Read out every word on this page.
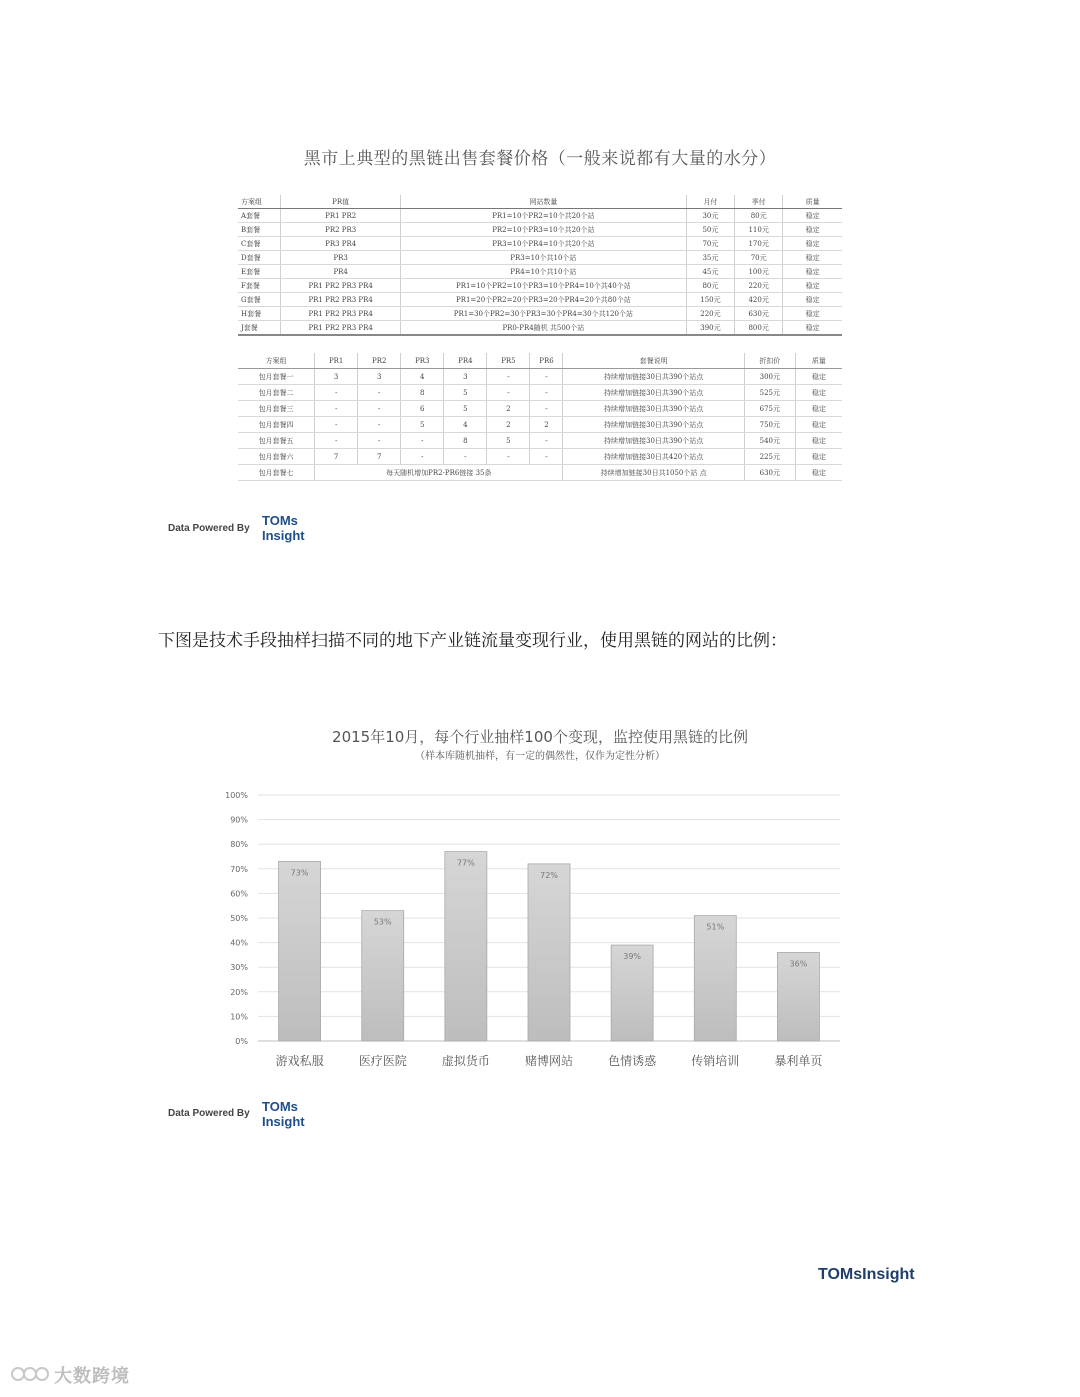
黑市上典型的黑链出售套餐价格（一般来说都有大量的水分）
方案组	PR值	网站数量	月付	季付	质量
A套餐	PR1 PR2	PR1=10个PR2=10个共20个站	30元	80元	稳定
B套餐	PR2 PR3	PR2=10个PR3=10个共20个站	50元	110元	稳定
C套餐	PR3 PR4	PR3=10个PR4=10个共20个站	70元	170元	稳定
D套餐	PR3	PR3=10个共10个站	35元	70元	稳定
E套餐	PR4	PR4=10个共10个站	45元	100元	稳定
F套餐	PR1 PR2 PR3 PR4	PR1=10个PR2=10个PR3=10个PR4=10个共40个站	80元	220元	稳定
G套餐	PR1 PR2 PR3 PR4	PR1=20个PR2=20个PR3=20个PR4=20个共80个站	150元	420元	稳定
H套餐	PR1 PR2 PR3 PR4	PR1=30个PR2=30个PR3=30个PR4=30个共120个站	220元	630元	稳定
J套餐	PR1 PR2 PR3 PR4	PR0-PR4随机 共500个站	390元	800元	稳定
方案组	PR1	PR2	PR3	PR4	PR5	PR6	套餐说明	折扣价	质量
包月套餐一	3	3	4	3	-	-	持续增加链接30日共390个站点	300元	稳定
包月套餐二	-	-	8	5	-	-	持续增加链接30日共390个站点	525元	稳定
包月套餐三	-	-	6	5	2	-	持续增加链接30日共390个站点	675元	稳定
包月套餐四	-	-	5	4	2	2	持续增加链接30日共390个站点	750元	稳定
包月套餐五	-	-	-	8	5	-	持续增加链接30日共390个站点	540元	稳定
包月套餐六	7	7	-	-	-	-	持续增加链接30日共420个站点	225元	稳定
包月套餐七	每天随机增加PR2-PR6链接 35条						持续增加链接30日共1050个站 点	630元	稳定
Data Powered By
TOMs
Insight
下图是技术手段抽样扫描不同的地下产业链流量变现行业，使用黑链的网站的比例：
2015年10月，每个行业抽样100个变现，监控使用黑链的比例
（样本库随机抽样，有一定的偶然性，仅作为定性分析）
0%
10%
20%
30%
40%
50%
60%
70%
80%
90%
100%
73%
游戏私服
53%
医疗医院
77%
虚拟货币
72%
赌博网站
39%
色情诱惑
51%
传销培训
36%
暴利单页
Data Powered By TOMs
Insight
TOMsInsight
大数跨境
